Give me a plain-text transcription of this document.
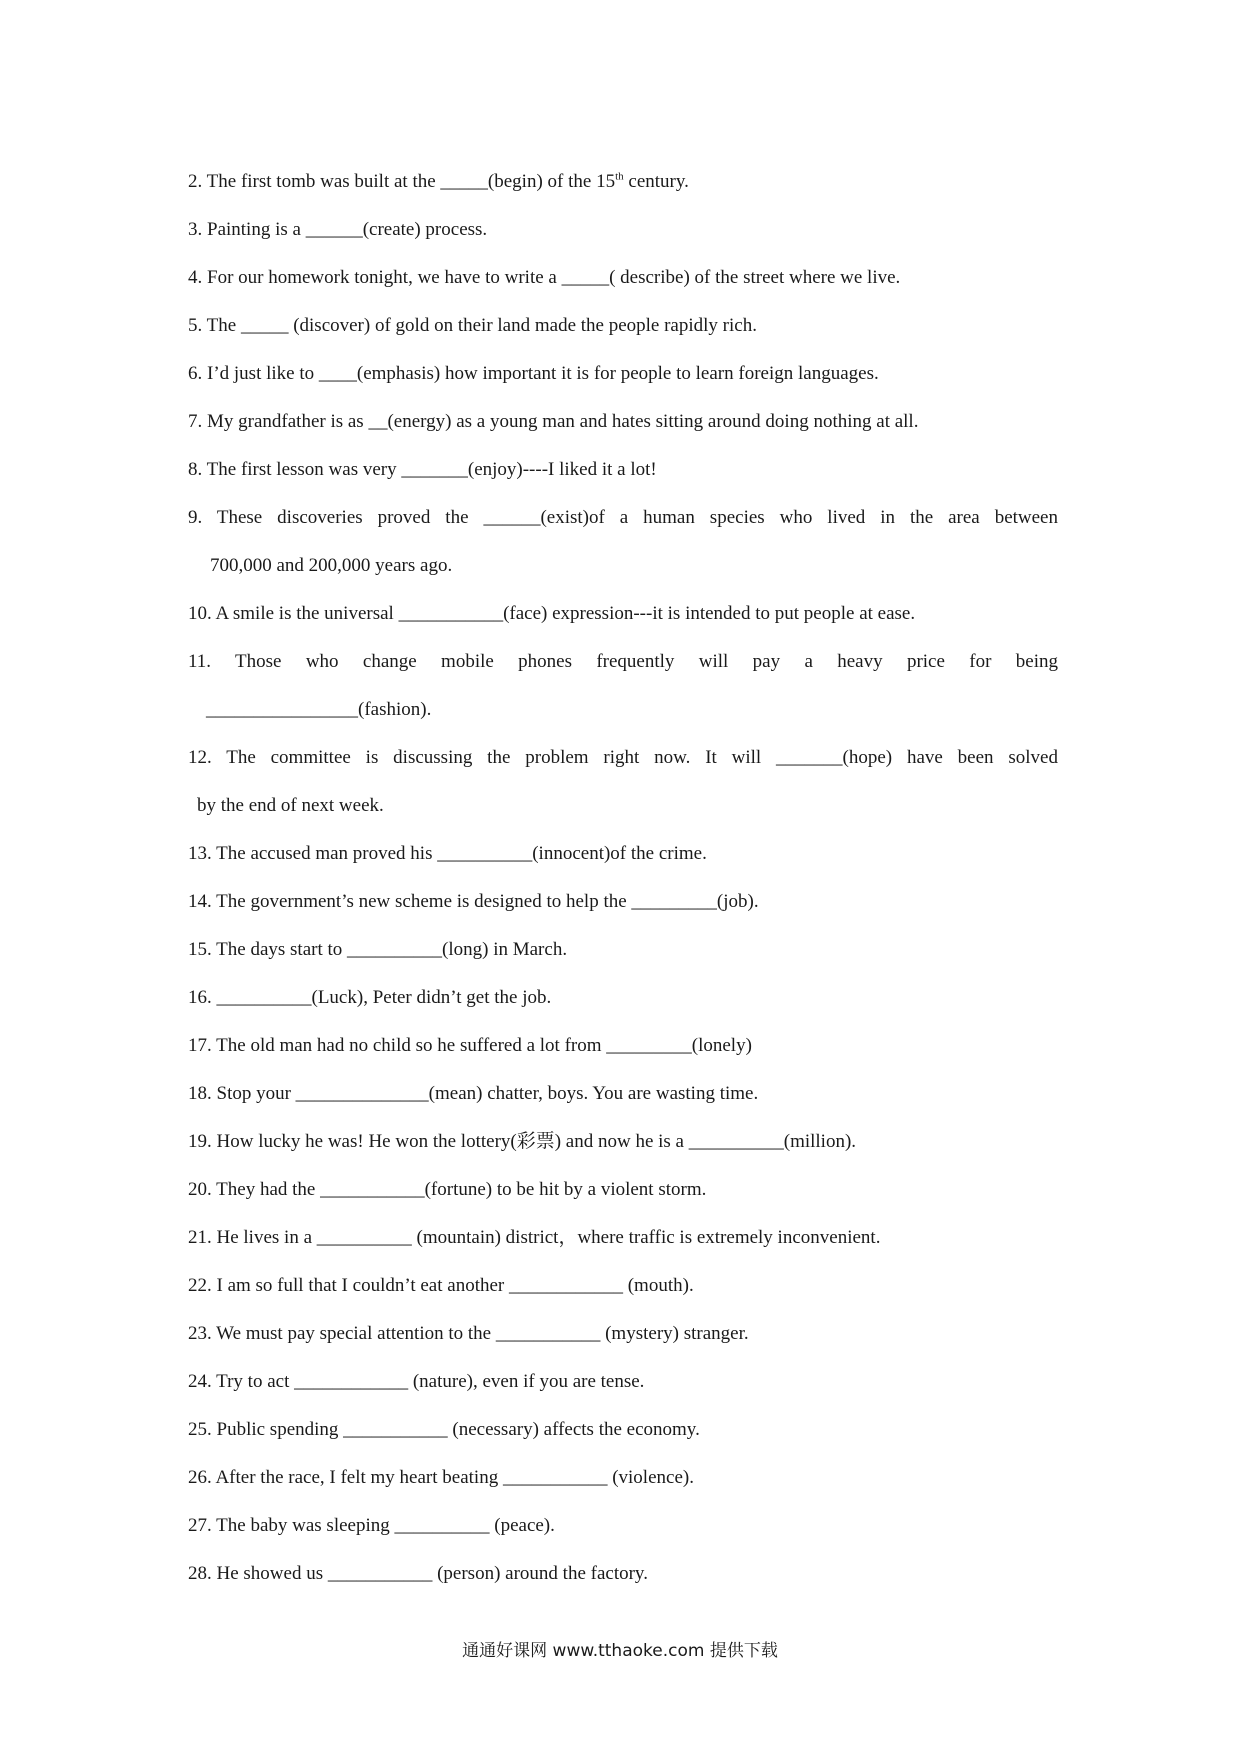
2. The first tomb was built at the _____(begin) of the 15th century.
3. Painting is a ______(create) process.
4. For our homework tonight, we have to write a _____( describe) of the street where we live.
5. The _____ (discover) of gold on their land made the people rapidly rich.
6. I’d just like to ____(emphasis) how important it is for people to learn foreign languages.
7. My grandfather is as __(energy) as a young man and hates sitting around doing nothing at all.
8. The first lesson was very _______(enjoy)----I liked it a lot!
9. These discoveries proved the ______(exist)of a human species who lived in the area between
700,000 and 200,000 years ago.
10. A smile is the universal ___________(face) expression---it is intended to put people at ease.
11. Those who change mobile phones frequently will pay a heavy price for being
________________(fashion).
12. The committee is discussing the problem right now. It will _______(hope) have been solved
by the end of next week.
13. The accused man proved his __________(innocent)of the crime.
14. The government’s new scheme is designed to help the _________(job).
15. The days start to __________(long) in March.
16. __________(Luck), Peter didn’t get the job.
17. The old man had no child so he suffered a lot from _________(lonely)
18. Stop your ______________(mean) chatter, boys. You are wasting time.
19. How lucky he was! He won the lottery(彩票) and now he is a __________(million).
20. They had the ___________(fortune) to be hit by a violent storm.
21. He lives in a __________ (mountain) district，where traffic is extremely inconvenient.
22. I am so full that I couldn’t eat another ____________ (mouth).
23. We must pay special attention to the ___________ (mystery) stranger.
24. Try to act ____________ (nature), even if you are tense.
25. Public spending ___________ (necessary) affects the economy.
26. After the race, I felt my heart beating ___________ (violence).
27. The baby was sleeping __________ (peace).
28. He showed us ___________ (person) around the factory.
通通好课网 www.tthaoke.com 提供下载
